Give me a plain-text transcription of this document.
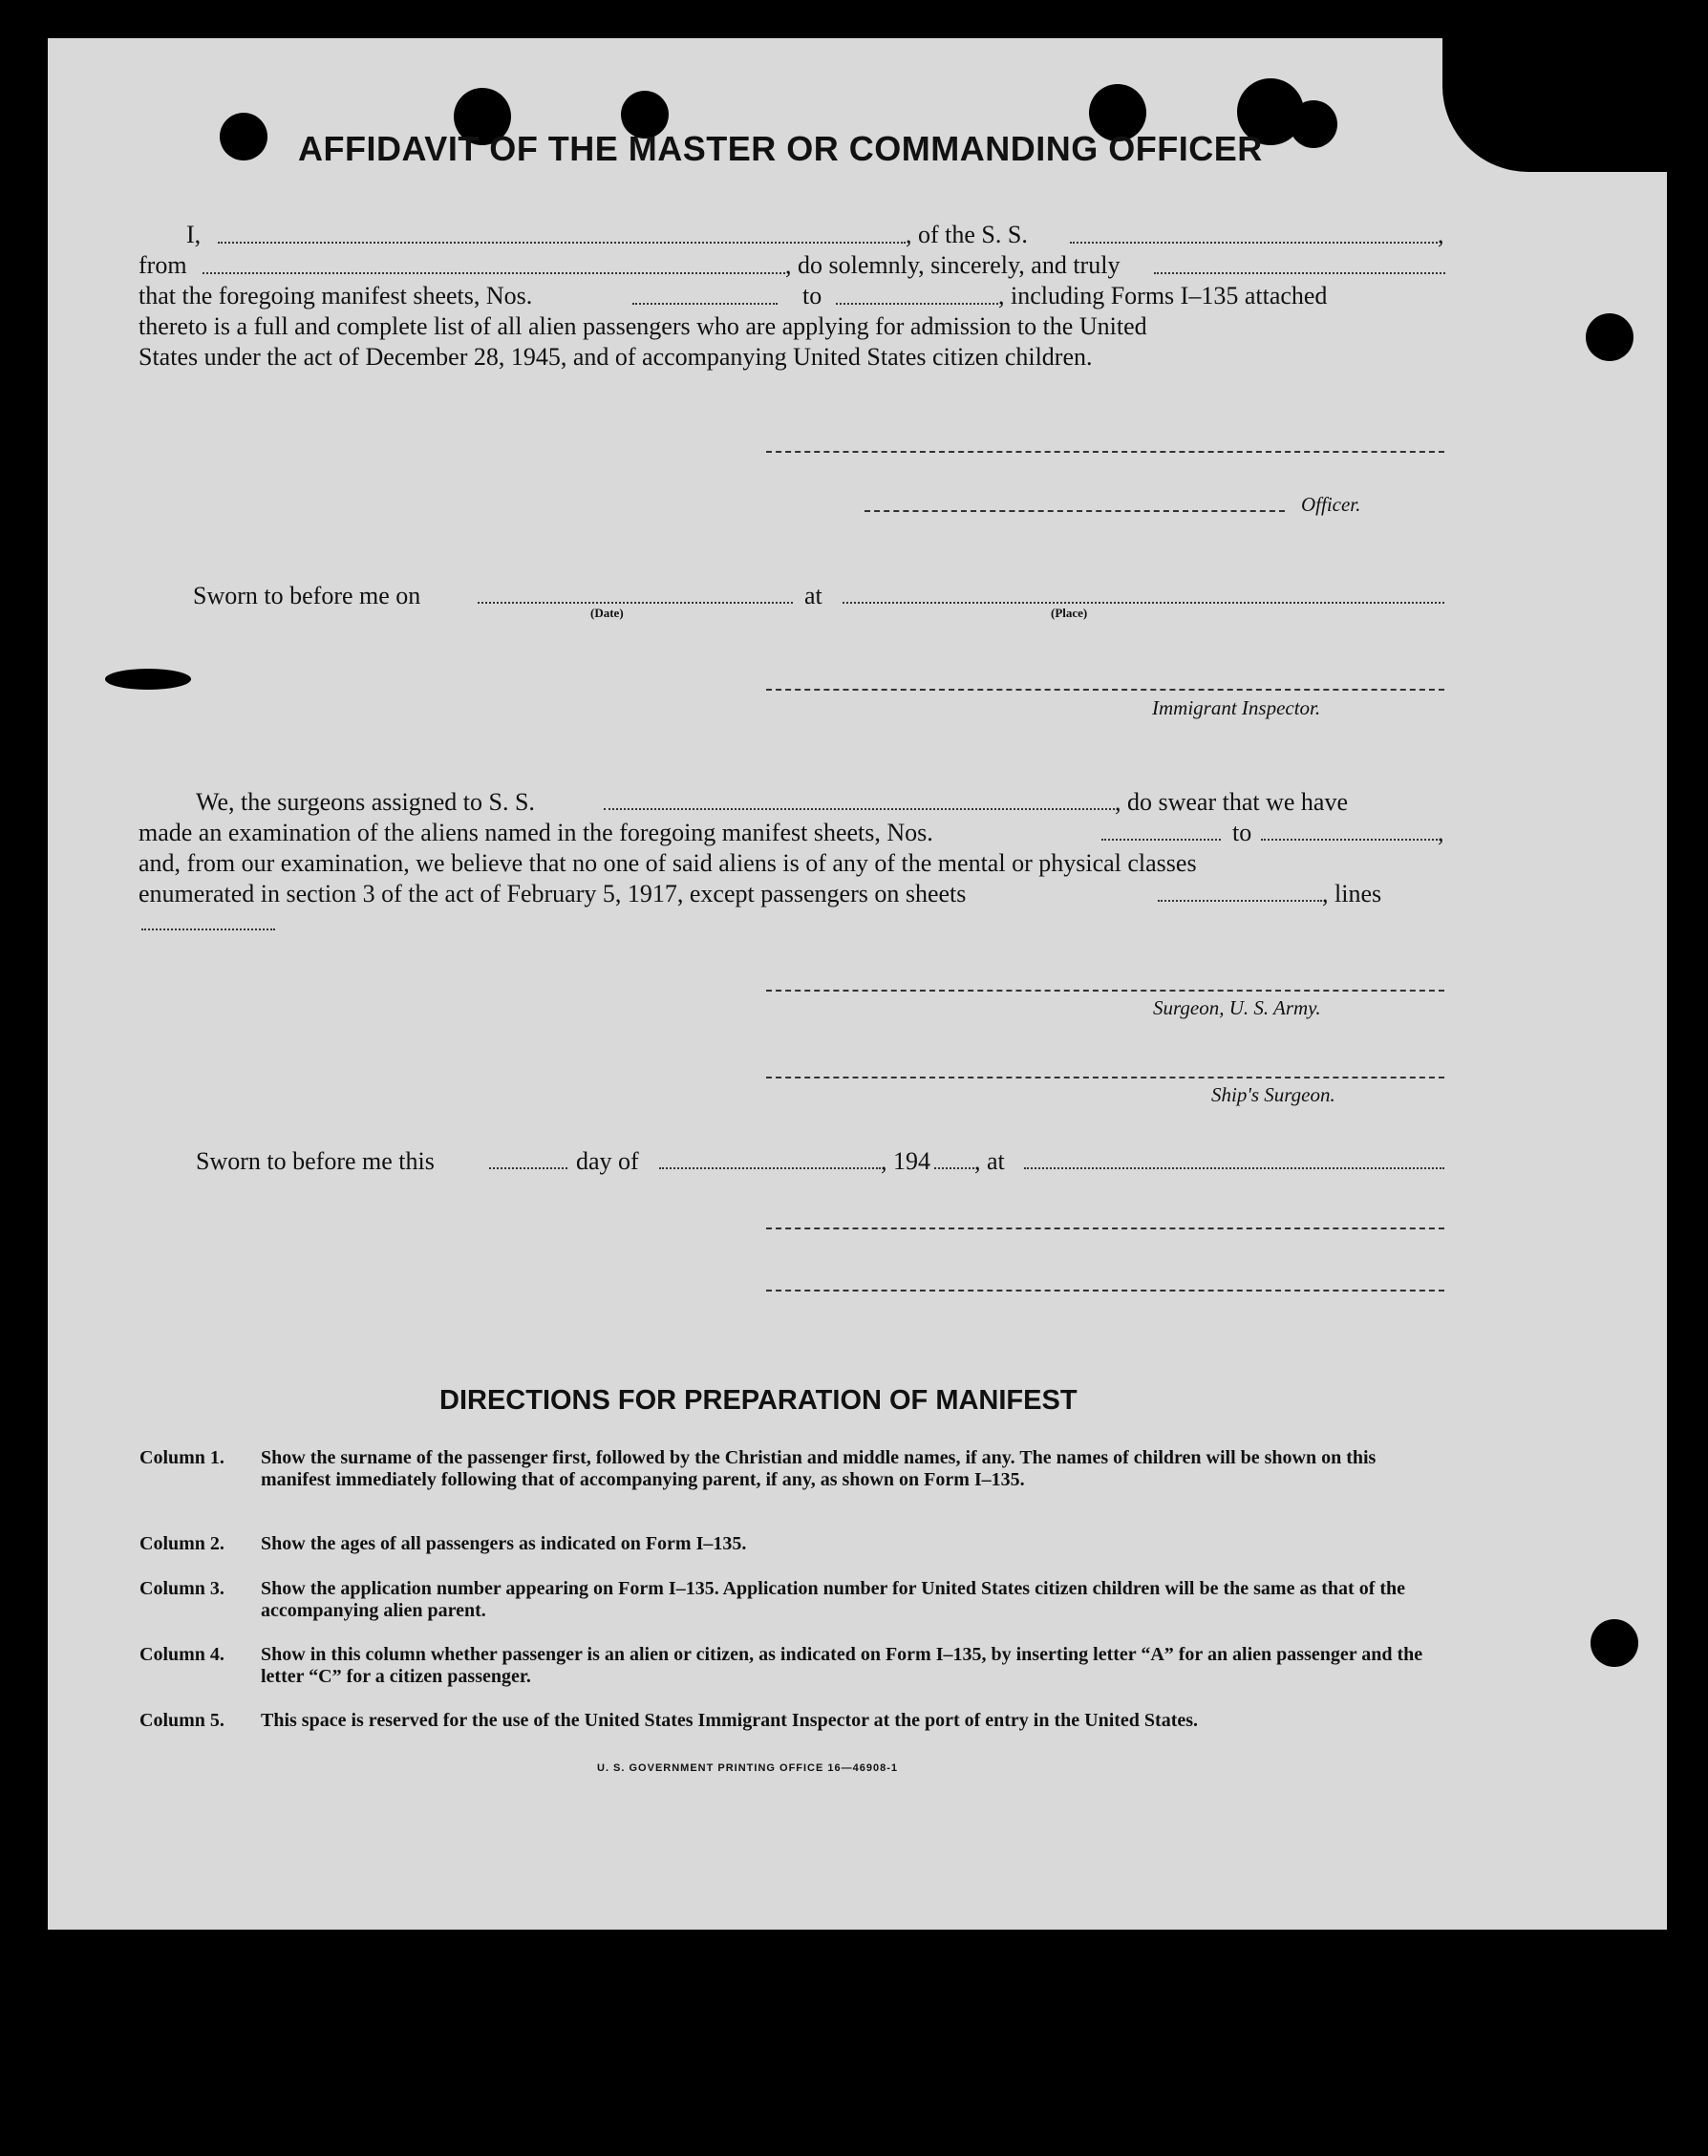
AFFIDAVIT OF THE MASTER OR COMMANDING OFFICER
I,	, of the S. S.	,
from	, do solemnly, sincerely, and truly
that the foregoing manifest sheets, Nos.	to	, including Forms I–135 attached
thereto is a full and complete list of all alien passengers who are applying for admission to the United
States under the act of December 28, 1945, and of accompanying United States citizen children.
Officer.
Sworn to before me on
(Date)
at
(Place)
Immigrant Inspector.
We, the surgeons assigned to S. S.	, do swear that we have
made an examination of the aliens named in the foregoing manifest sheets, Nos.	to	,
and, from our examination, we believe that no one of said aliens is of any of the mental or physical classes
enumerated in section 3 of the act of February 5, 1917, except passengers on sheets	, lines
Surgeon, U. S. Army.
Ship's Surgeon.
Sworn to before me this	day of	, 194 , at
DIRECTIONS FOR PREPARATION OF MANIFEST
Column 1. Show the surname of the passenger first, followed by the Christian and middle names, if any. The names of children will be shown on this manifest immediately following that of accompanying parent, if any, as shown on Form I–135.
Column 2. Show the ages of all passengers as indicated on Form I–135.
Column 3. Show the application number appearing on Form I–135. Application number for United States citizen children will be the same as that of the accompanying alien parent.
Column 4. Show in this column whether passenger is an alien or citizen, as indicated on Form I–135, by inserting letter “A” for an alien passenger and the letter “C” for a citizen passenger.
Column 5. This space is reserved for the use of the United States Immigrant Inspector at the port of entry in the United States.
U. S. GOVERNMENT PRINTING OFFICE 16—46908-1
